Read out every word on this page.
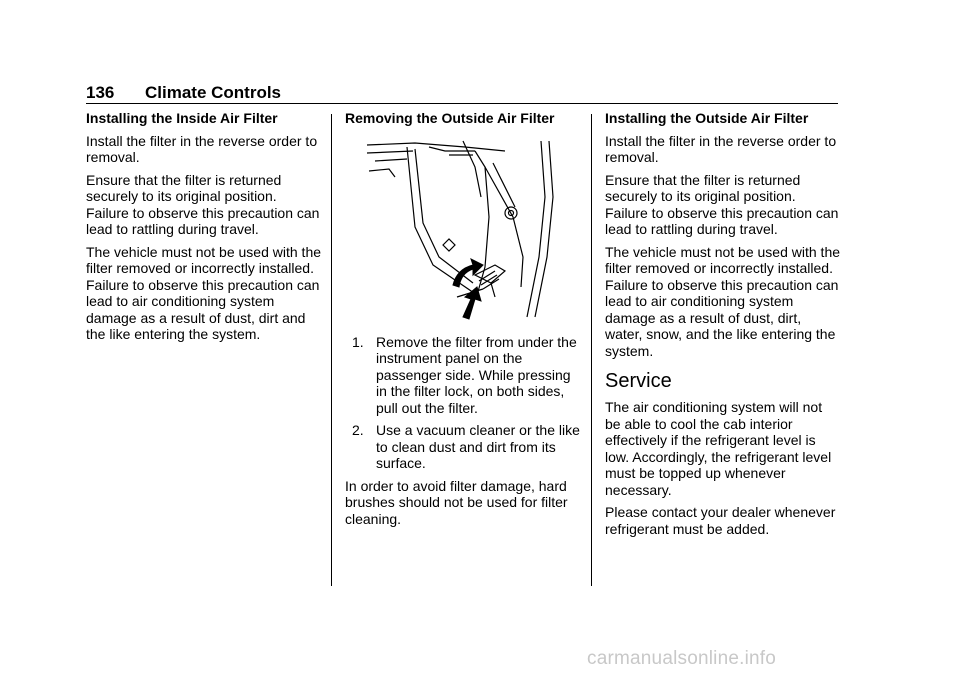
136 Climate Controls
Installing the Inside Air Filter

Install the filter in the reverse order to removal.

Ensure that the filter is returned securely to its original position. Failure to observe this precaution can lead to rattling during travel.

The vehicle must not be used with the filter removed or incorrectly installed. Failure to observe this precaution can lead to air conditioning system damage as a result of dust, dirt and the like entering the system.

Removing the Outside Air Filter
1. Remove the filter from under the instrument panel on the passenger side. While pressing in the filter lock, on both sides, pull out the filter.
2. Use a vacuum cleaner or the like to clean dust and dirt from its surface.

In order to avoid filter damage, hard brushes should not be used for filter cleaning.

Installing the Outside Air Filter

Install the filter in the reverse order to removal.

Ensure that the filter is returned securely to its original position. Failure to observe this precaution can lead to rattling during travel.

The vehicle must not be used with the filter removed or incorrectly installed. Failure to observe this precaution can lead to air conditioning system damage as a result of dust, dirt, water, snow, and the like entering the system.

Service

The air conditioning system will not be able to cool the cab interior effectively if the refrigerant level is low. Accordingly, the refrigerant level must be topped up whenever necessary.

Please contact your dealer whenever refrigerant must be added.

carmanualsonline.info
